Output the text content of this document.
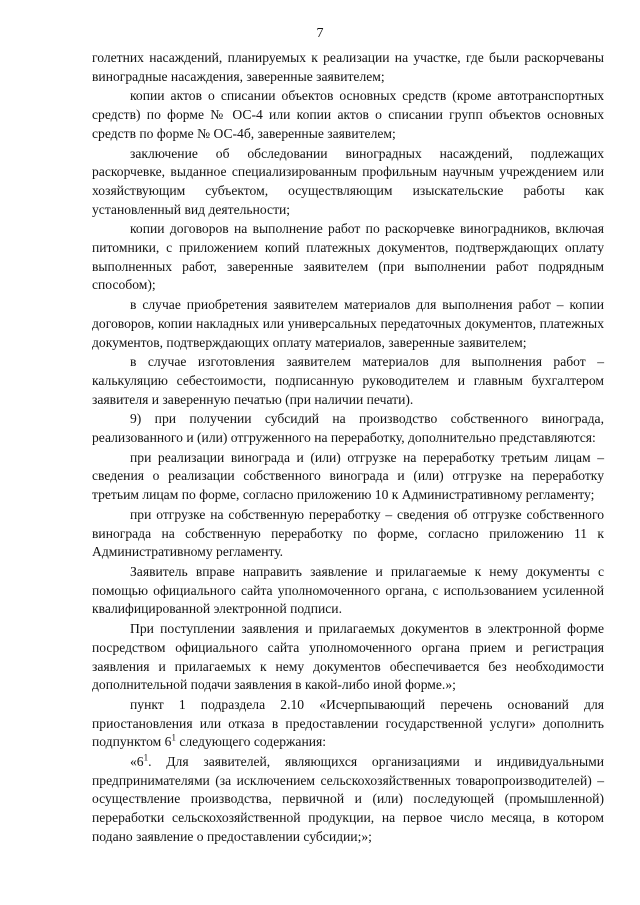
7

голетних насаждений, планируемых к реализации на участке, где были раскорчеваны виноградные насаждения, заверенные заявителем;

копии актов о списании объектов основных средств (кроме автотранспортных средств) по форме № ОС-4 или копии актов о списании групп объектов основных средств по форме № ОС-4б, заверенные заявителем;

заключение об обследовании виноградных насаждений, подлежащих раскорчевке, выданное специализированным профильным научным учреждением или хозяйствующим субъектом, осуществляющим изыскательские работы как установленный вид деятельности;

копии договоров на выполнение работ по раскорчевке виноградников, включая питомники, с приложением копий платежных документов, подтверждающих оплату выполненных работ, заверенные заявителем (при выполнении работ подрядным способом);

в случае приобретения заявителем материалов для выполнения работ – копии договоров, копии накладных или универсальных передаточных документов, платежных документов, подтверждающих оплату материалов, заверенные заявителем;

в случае изготовления заявителем материалов для выполнения работ – калькуляцию себестоимости, подписанную руководителем и главным бухгалтером заявителя и заверенную печатью (при наличии печати).

9) при получении субсидий на производство собственного винограда, реализованного и (или) отгруженного на переработку, дополнительно представляются:

при реализации винограда и (или) отгрузке на переработку третьим лицам – сведения о реализации собственного винограда и (или) отгрузке на переработку третьим лицам по форме, согласно приложению 10 к Административному регламенту;

при отгрузке на собственную переработку – сведения об отгрузке собственного винограда на собственную переработку по форме, согласно приложению 11 к Административному регламенту.

Заявитель вправе направить заявление и прилагаемые к нему документы с помощью официального сайта уполномоченного органа, с использованием усиленной квалифицированной электронной подписи.

При поступлении заявления и прилагаемых документов в электронной форме посредством официального сайта уполномоченного органа прием и регистрация заявления и прилагаемых к нему документов обеспечивается без необходимости дополнительной подачи заявления в какой-либо иной форме.»;

пункт 1 подраздела 2.10 «Исчерпывающий перечень оснований для приостановления или отказа в предоставлении государственной услуги» дополнить подпунктом $6^1$ следующего содержания:

«$6^1$. Для заявителей, являющихся организациями и индивидуальными предпринимателями (за исключением сельскохозяйственных товаропроизводителей) – осуществление производства, первичной и (или) последующей (промышленной) переработки сельскохозяйственной продукции, на первое число месяца, в котором подано заявление о предоставлении субсидии;»;
